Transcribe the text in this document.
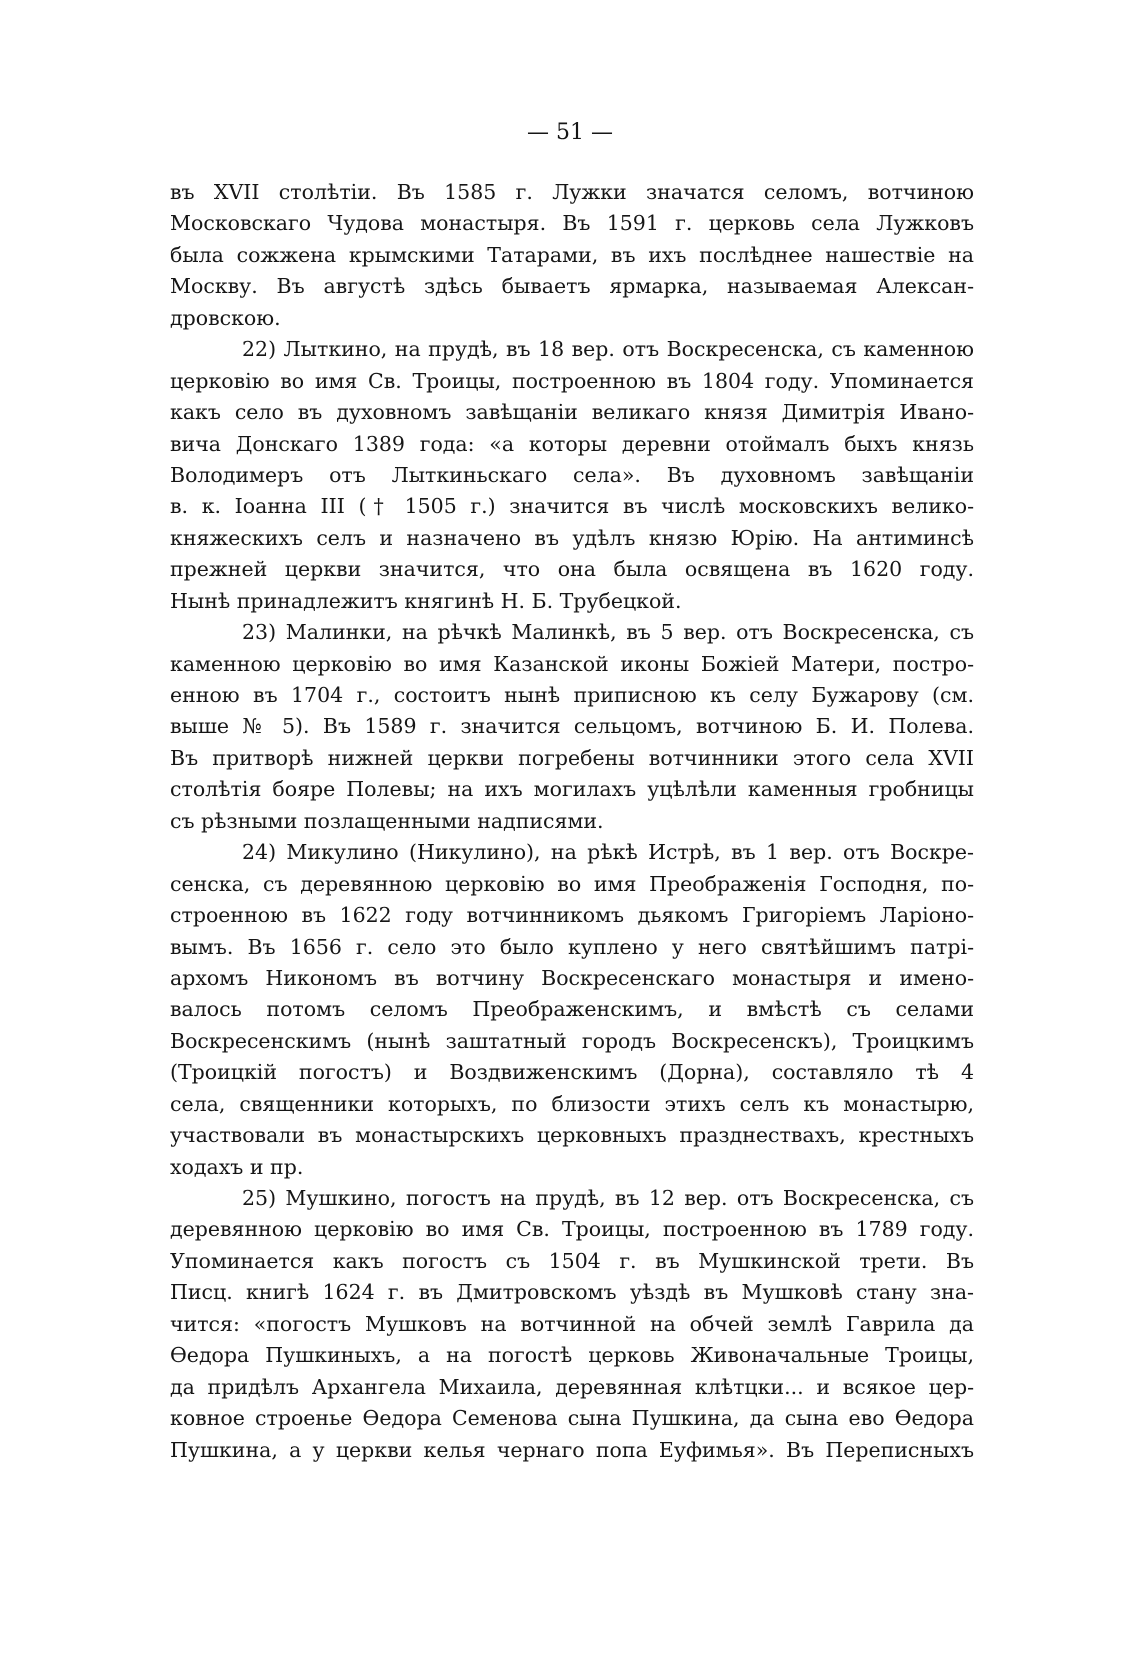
— 51 —
въ XVII столѣтіи. Въ 1585 г. Лужки значатся селомъ, вотчиною
Московскаго Чудова монастыря. Въ 1591 г. церковь села Лужковъ
была сожжена крымскими Татарами, въ ихъ послѣднее нашествіе на
Москву. Въ августѣ здѣсь бываетъ ярмарка, называемая Алексан-
дровскою.
22) Лыткино, на прудѣ, въ 18 вер. отъ Воскресенска, съ каменною
церковію во имя Св. Троицы, построенною въ 1804 году. Упоминается
какъ село въ духовномъ завѣщаніи великаго князя Димитрія Ивано-
вича Донскаго 1389 года: «а которы деревни отоймалъ быхъ князь
Володимеръ отъ Лыткиньскаго села». Въ духовномъ завѣщаніи
в. к. Іоанна III († 1505 г.) значится въ числѣ московскихъ велико-
княжескихъ селъ и назначено въ удѣлъ князю Юрію. На антиминсѣ
прежней церкви значится, что она была освящена въ 1620 году.
Нынѣ принадлежитъ княгинѣ Н. Б. Трубецкой.
23) Малинки, на рѣчкѣ Малинкѣ, въ 5 вер. отъ Воскресенска, съ
каменною церковію во имя Казанской иконы Божіей Матери, постро-
енною въ 1704 г., состоитъ нынѣ приписною къ селу Бужарову (см.
выше № 5). Въ 1589 г. значится сельцомъ, вотчиною Б. И. Полева.
Въ притворѣ нижней церкви погребены вотчинники этого села XVII
столѣтія бояре Полевы; на ихъ могилахъ уцѣлѣли каменныя гробницы
съ рѣзными позлащенными надписями.
24) Микулино (Никулино), на рѣкѣ Истрѣ, въ 1 вер. отъ Воскре-
сенска, съ деревянною церковію во имя Преображенія Господня, по-
строенною въ 1622 году вотчинникомъ дьякомъ Григоріемъ Ларіоно-
вымъ. Въ 1656 г. село это было куплено у него святѣйшимъ патрі-
архомъ Никономъ въ вотчину Воскресенскаго монастыря и имено-
валось потомъ селомъ Преображенскимъ, и вмѣстѣ съ селами
Воскресенскимъ (нынѣ заштатный городъ Воскресенскъ), Троицкимъ
(Троицкій погостъ) и Воздвиженскимъ (Дорна), составляло тѣ 4
села, священники которыхъ, по близости этихъ селъ къ монастырю,
участвовали въ монастырскихъ церковныхъ празднествахъ, крестныхъ
ходахъ и пр.
25) Мушкино, погостъ на прудѣ, въ 12 вер. отъ Воскресенска, съ
деревянною церковію во имя Св. Троицы, построенною въ 1789 году.
Упоминается какъ погостъ съ 1504 г. въ Мушкинской трети. Въ
Писц. книгѣ 1624 г. въ Дмитровскомъ уѣздѣ въ Мушковѣ стану зна-
чится: «погостъ Мушковъ на вотчинной на обчей землѣ Гаврила да
Ѳедора Пушкиныхъ, а на погостѣ церковь Живоначальные Троицы,
да придѣлъ Архангела Михаила, деревянная клѣтцки... и всякое цер-
ковное строенье Ѳедора Семенова сына Пушкина, да сына ево Ѳедора
Пушкина, а у церкви келья чернаго попа Еуфимья». Въ Переписныхъ
